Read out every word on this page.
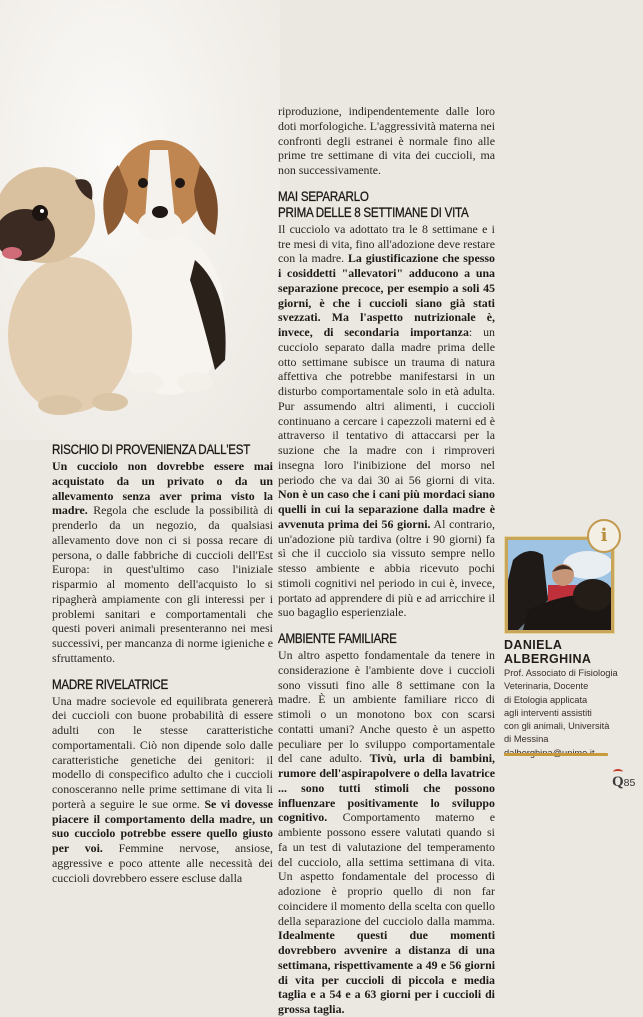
RISCHIO DI PROVENIENZA DALL'EST

Un cucciolo non dovrebbe essere mai acquistato da un privato o da un allevamento senza aver prima visto la madre. Regola che esclude la possibilità di prenderlo da un negozio, da qualsiasi allevamento dove non ci si possa recare di persona, o dalle fabbriche di cuccioli dell'Est Europa: in quest'ultimo caso l'iniziale risparmio al momento dell'acquisto lo si ripagherà ampiamente con gli interessi per i problemi sanitari e comportamentali che questi poveri animali presenteranno nei mesi successivi, per mancanza di norme igieniche e sfruttamento.

MADRE RIVELATRICE

Una madre socievole ed equilibrata genererà dei cuccioli con buone probabilità di essere adulti con le stesse caratteristiche comportamentali. Ciò non dipende solo dalle caratteristiche genetiche dei genitori: il modello di conspecifico adulto che i cuccioli conosceranno nelle prime settimane di vita li porterà a seguire le sue orme. Se vi dovesse piacere il comportamento della madre, un suo cucciolo potrebbe essere quello giusto per voi. Femmine nervose, ansiose, aggressive e poco attente alle necessità dei cuccioli dovrebbero essere escluse dalla

riproduzione, indipendentemente dalle loro doti morfologiche. L'aggressività materna nei confronti degli estranei è normale fino alle prime tre settimane di vita dei cuccioli, ma non successivamente.

MAI SEPARARLO
PRIMA DELLE 8 SETTIMANE DI VITA

Il cucciolo va adottato tra le 8 settimane e i tre mesi di vita, fino all'adozione deve restare con la madre. La giustificazione che spesso i cosiddetti "allevatori" adducono a una separazione precoce, per esempio a soli 45 giorni, è che i cuccioli siano già stati svezzati. Ma l'aspetto nutrizionale è, invece, di secondaria importanza: un cucciolo separato dalla madre prima delle otto settimane subisce un trauma di natura affettiva che potrebbe manifestarsi in un disturbo comportamentale solo in età adulta. Pur assumendo altri alimenti, i cuccioli continuano a cercare i capezzoli materni ed è attraverso il tentativo di attaccarsi per la suzione che la madre con i rimproveri insegna loro l'inibizione del morso nel periodo che va dai 30 ai 56 giorni di vita. Non è un caso che i cani più mordaci siano quelli in cui la separazione dalla madre è avvenuta prima dei 56 giorni. Al contrario, un'adozione più tardiva (oltre i 90 giorni) fa sì che il cucciolo sia vissuto sempre nello stesso ambiente e abbia ricevuto pochi stimoli cognitivi nel periodo in cui è, invece, portato ad apprendere di più e ad arricchire il suo bagaglio esperienziale.

AMBIENTE FAMILIARE

Un altro aspetto fondamentale da tenere in considerazione è l'ambiente dove i cuccioli sono vissuti fino alle 8 settimane con la madre. È un ambiente familiare ricco di stimoli o un monotono box con scarsi contatti umani? Anche questo è un aspetto peculiare per lo sviluppo comportamentale del cane adulto. Tivù, urla di bambini, rumore dell'aspirapolvere o della lavatrice ... sono tutti stimoli che possono influenzare positivamente lo sviluppo cognitivo. Comportamento materno e ambiente possono essere valutati quando si fa un test di valutazione del temperamento del cucciolo, alla settima settimana di vita. Un aspetto fondamentale del processo di adozione è proprio quello di non far coincidere il momento della scelta con quello della separazione del cucciolo dalla mamma. Idealmente questi due momenti dovrebbero avvenire a distanza di una settimana, rispettivamente a 49 e 56 giorni di vita per cuccioli di piccola e media taglia e a 54 e a 63 giorni per i cuccioli di grossa taglia.

i
DANIELA
ALBERGHINA
Prof. Associato di Fisiologia
Veterinaria, Docente
di Etologia applicata
agli interventi assistiti
con gli animali, Università
di Messina
Q85
